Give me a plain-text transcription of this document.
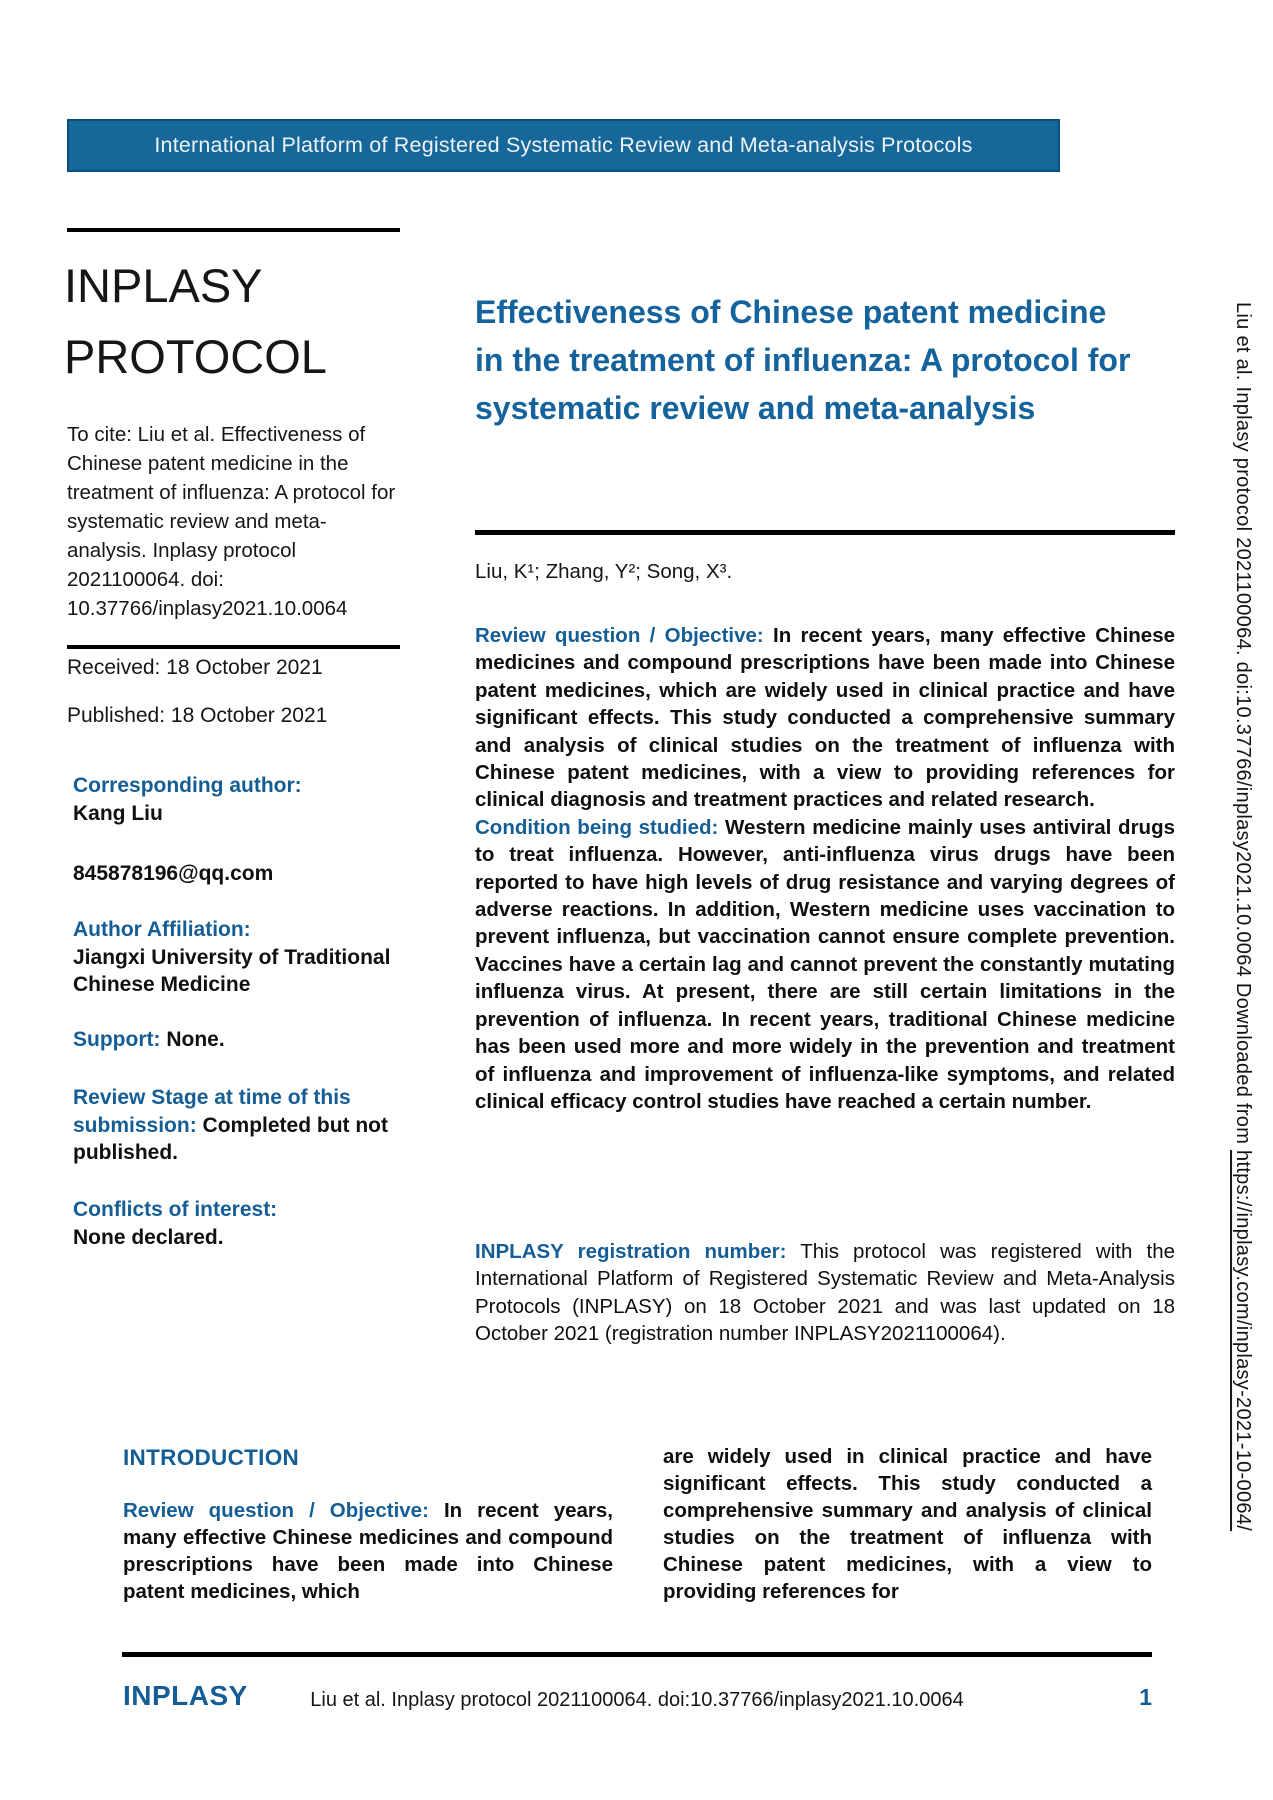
International Platform of Registered Systematic Review and Meta-analysis Protocols
INPLASY
PROTOCOL
To cite: Liu et al. Effectiveness of Chinese patent medicine in the treatment of influenza: A protocol for systematic review and meta-analysis. Inplasy protocol 2021100064. doi: 10.37766/inplasy2021.10.0064
Received: 18 October 2021
Published: 18 October 2021
Corresponding author:
Kang Liu
845878196@qq.com
Author Affiliation:
Jiangxi University of Traditional Chinese Medicine
Support: None.
Review Stage at time of this submission: Completed but not published.
Conflicts of interest:
None declared.
Effectiveness of Chinese patent medicine in the treatment of influenza: A protocol for systematic review and meta-analysis
Liu, K¹; Zhang, Y²; Song, X³.

Review question / Objective: In recent years, many effective Chinese medicines and compound prescriptions have been made into Chinese patent medicines, which are widely used in clinical practice and have significant effects. This study conducted a comprehensive summary and analysis of clinical studies on the treatment of influenza with Chinese patent medicines, with a view to providing references for clinical diagnosis and treatment practices and related research.

Condition being studied: Western medicine mainly uses antiviral drugs to treat influenza. However, anti-influenza virus drugs have been reported to have high levels of drug resistance and varying degrees of adverse reactions. In addition, Western medicine uses vaccination to prevent influenza, but vaccination cannot ensure complete prevention. Vaccines have a certain lag and cannot prevent the constantly mutating influenza virus. At present, there are still certain limitations in the prevention of influenza. In recent years, traditional Chinese medicine has been used more and more widely in the prevention and treatment of influenza and improvement of influenza-like symptoms, and related clinical efficacy control studies have reached a certain number.

INPLASY registration number: This protocol was registered with the International Platform of Registered Systematic Review and Meta-Analysis Protocols (INPLASY) on 18 October 2021 and was last updated on 18 October 2021 (registration number INPLASY2021100064).

INTRODUCTION

Review question / Objective: In recent years, many effective Chinese medicines and compound prescriptions have been made into Chinese patent medicines, which

are widely used in clinical practice and have significant effects. This study conducted a comprehensive summary and analysis of clinical studies on the treatment of influenza with Chinese patent medicines, with a view to providing references for
INPLASY	Liu et al. Inplasy protocol 2021100064. doi:10.37766/inplasy2021.10.0064	1
Liu et al. Inplasy protocol 2021100064. doi:10.37766/inplasy2021.10.0064 Downloaded from https://inplasy.com/inplasy-2021-10-0064/
